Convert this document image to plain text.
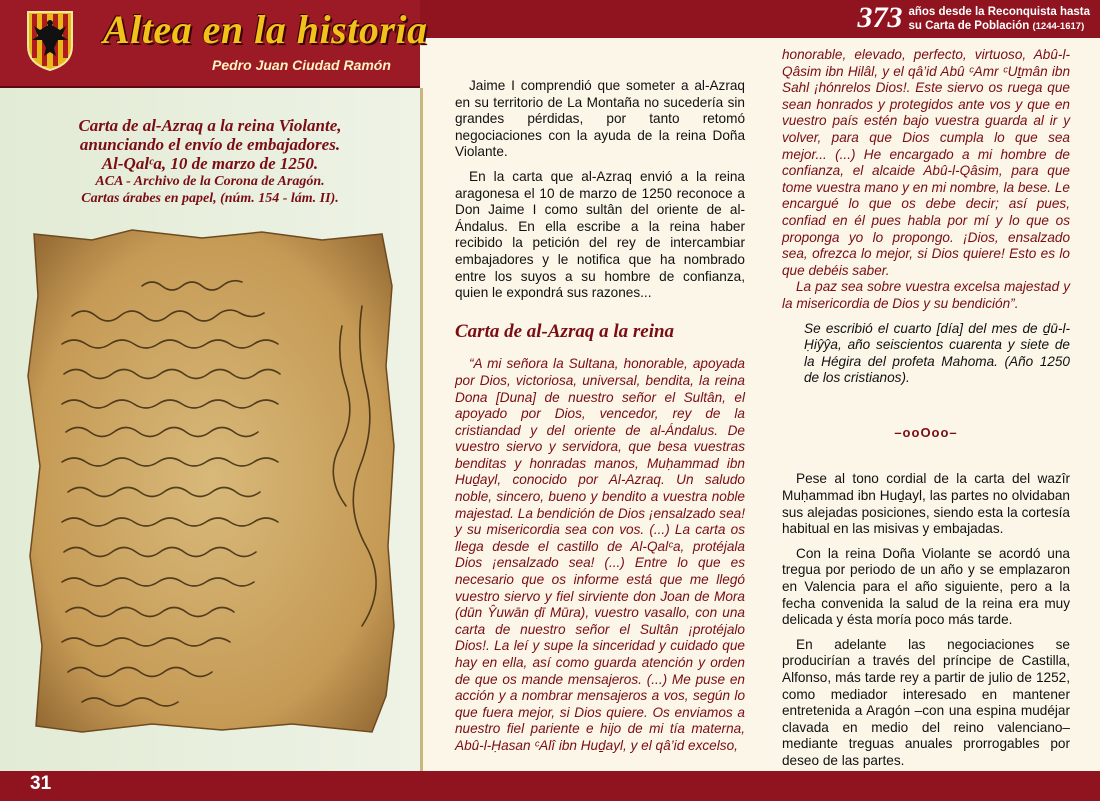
373 años desde la Reconquista hasta
su Carta de Población (1244-1617)
Altea en la historia
Pedro Juan Ciudad Ramón
Carta de al-Azraq a la reina Violante,
anunciando el envío de embajadores.
Al-Qalᶜa, 10 de marzo de 1250.
ACA - Archivo de la Corona de Aragón.
Cartas árabes en papel, (núm. 154 - lám. II).
31

Jaime I comprendió que someter a al-Azraq en su territorio de La Montaña no sucedería sin grandes pérdidas, por tanto retomó negociaciones con la ayuda de la reina Doña Violante.

En la carta que al-Azraq envió a la reina aragonesa el 10 de marzo de 1250 reconoce a Don Jaime I como sultân del oriente de al-Ándalus. En ella escribe a la reina haber recibido la petición del rey de intercambiar embajadores y le notifica que ha nombrado entre los suyos a su hombre de confianza, quien le expondrá sus razones...

Carta de al-Azraq a la reina

“A mi señora la Sultana, honorable, apoyada por Dios, victoriosa, universal, bendita, la reina Dona [Duna] de nuestro señor el Sultân, el apoyado por Dios, vencedor, rey de la cristiandad y del oriente de al-Ándalus. De vuestro siervo y servidora, que besa vuestras benditas y honradas manos, Muḥammad ibn Huḏayl, conocido por Al-Azraq. Un saludo noble, sincero, bueno y bendito a vuestra noble majestad. La bendición de Dios ¡ensalzado sea! y su misericordia sea con vos. (...) La carta os llega desde el castillo de Al-Qalᶜa, protéjala Dios ¡ensalzado sea! (...) Entre lo que es necesario que os informe está que me llegó vuestro siervo y fiel sirviente don Joan de Mora (dūn Ŷuwān ḍī Mūra), vuestro vasallo, con una carta de nuestro señor el Sultân ¡protéjalo Dios!. La leí y supe la sinceridad y cuidado que hay en ella, así como guarda atención y orden de que os mande mensajeros. (...) Me puse en acción y a nombrar mensajeros a vos, según lo que fuera mejor, si Dios quiere. Os enviamos a nuestro fiel pariente e hijo de mi tía materna, Abû-l-Ḥasan ᶜAlî ibn Huḏayl, y el qâ’id excelso,

honorable, elevado, perfecto, virtuoso, Abû-l-Qâsim ibn Hilâl, y el qâ’id Abû ᶜAmr ᶜUṯmân ibn Sahl ¡hónrelos Dios!. Este siervo os ruega que sean honrados y protegidos ante vos y que en vuestro país estén bajo vuestra guarda al ir y volver, para que Dios cumpla lo que sea mejor... (...) He encargado a mi hombre de confianza, el alcaide Abû-l-Qâsim, para que tome vuestra mano y en mi nombre, la bese. Le encargué lo que os debe decir; así pues, confiad en él pues habla por mí y lo que os proponga yo lo propongo. ¡Dios, ensalzado sea, ofrezca lo mejor, si Dios quiere! Esto es lo que debéis saber.

La paz sea sobre vuestra excelsa majestad y la misericordia de Dios y su bendición”.

Se escribió el cuarto [día] del mes de ḏū-l-Ḥiŷŷa, año seiscientos cuarenta y siete de la Hégira del profeta Mahoma. (Año 1250 de los cristianos).
–ooOoo–

Pese al tono cordial de la carta del wazîr Muḥammad ibn Huḏayl, las partes no olvidaban sus alejadas posiciones, siendo esta la cortesía habitual en las misivas y embajadas.

Con la reina Doña Violante se acordó una tregua por periodo de un año y se emplazaron en Valencia para el año siguiente, pero a la fecha convenida la salud de la reina era muy delicada y ésta moría poco más tarde.

En adelante las negociaciones se producirían a través del príncipe de Castilla, Alfonso, más tarde rey a partir de julio de 1252, como mediador interesado en mantener entretenida a Aragón –con una espina mudéjar clavada en medio del reino valenciano– mediante treguas anuales prorrogables por deseo de las partes.
